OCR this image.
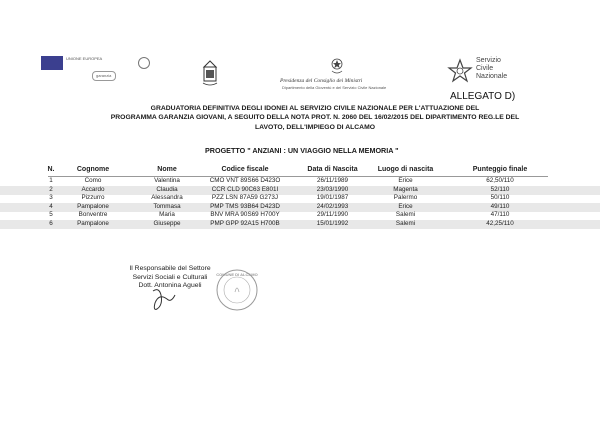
UNIONE EUROPEA
garanzia
Presidenza del Consiglio dei Ministri
Dipartimento della Gioventù e del Servizio Civile Nazionale
Servizio
Civile
Nazionale
ALLEGATO D)
GRADUATORIA DEFINITIVA DEGLI IDONEI AL SERVIZIO CIVILE NAZIONALE PER L'ATTUAZIONE DEL
PROGRAMMA GARANZIA GIOVANI, A SEGUITO DELLA NOTA PROT. N. 2060 DEL 16/02/2015 DEL DIPARTIMENTO REG.LE DEL
LAVOTO, DELL'IMPIEGO DI ALCAMO
PROGETTO " ANZIANI : UN VIAGGIO NELLA MEMORIA "
N.	Cognome	Nome	Codice fiscale	Data di Nascita	Luogo di nascita	Punteggio finale
1	Como	Valentina	CMO VNT 89S66 D423O	26/11/1989	Erice	62,50/110
2	Accardo	Claudia	CCR CLD 90C63 E801I	23/03/1990	Magenta	52/110
3	Pizzurro	Alessandra	PZZ LSN 87A59 G273J	19/01/1987	Palermo	50/110
4	Pampalone	Tommasa	PMP TMS 93B64 D423D	24/02/1993	Erice	49/110
5	Bonventre	Maria	BNV MRA 90S69 H700Y	29/11/1990	Salemi	47/110
6	Pampalone	Giuseppe	PMP GPP 92A15 H700B	15/01/1992	Salemi	42,25/110
Il Responsabile del Settore
Servizi Sociali e Culturali
Dott. Antonina Agueli
COMUNE DI ALCAMO
